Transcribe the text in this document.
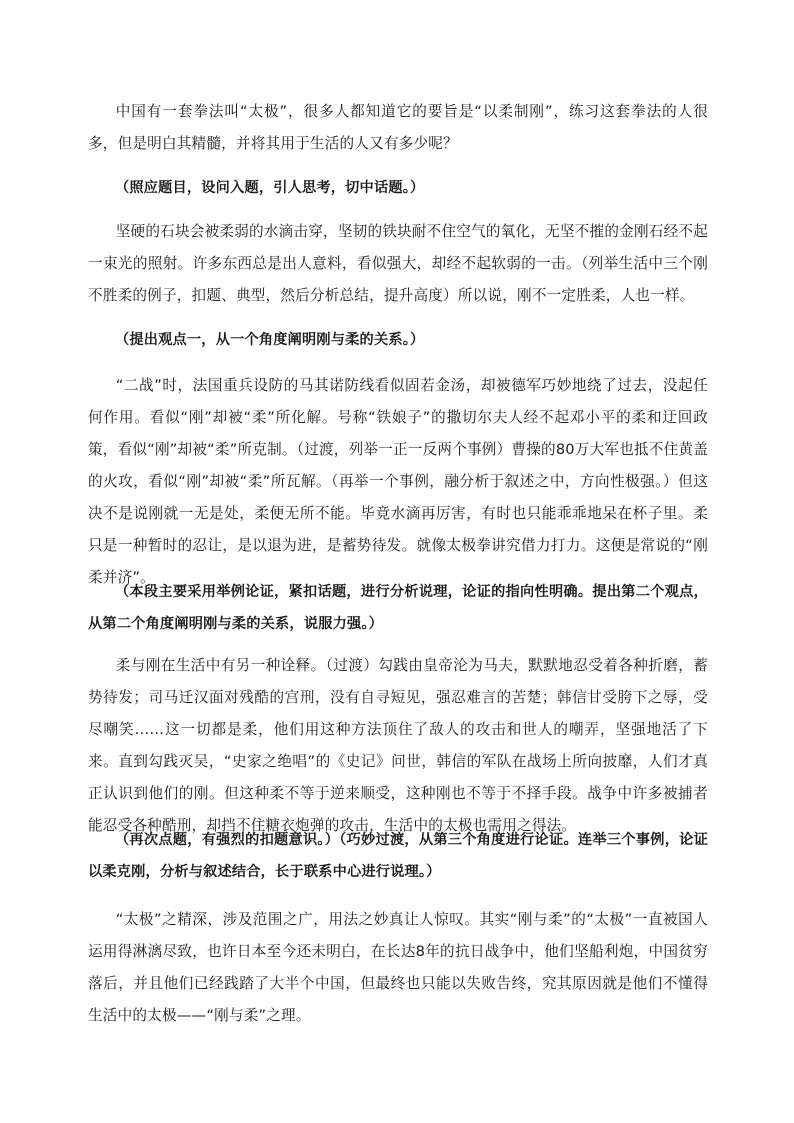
中国有一套拳法叫“太极”，很多人都知道它的要旨是“以柔制刚”，练习这套拳法的人很多，但是明白其精髓，并将其用于生活的人又有多少呢？

（照应题目，设问入题，引人思考，切中话题。）

坚硬的石块会被柔弱的水滴击穿，坚韧的铁块耐不住空气的氧化，无坚不摧的金刚石经不起一束光的照射。许多东西总是出人意料，看似强大，却经不起软弱的一击。（列举生活中三个刚不胜柔的例子，扣题、典型，然后分析总结，提升高度）所以说，刚不一定胜柔，人也一样。

（提出观点一，从一个角度阐明刚与柔的关系。）

“二战”时，法国重兵设防的马其诺防线看似固若金汤，却被德军巧妙地绕了过去，没起任何作用。看似“刚”却被“柔”所化解。号称“铁娘子”的撒切尔夫人经不起邓小平的柔和迂回政策，看似“刚”却被“柔”所克制。（过渡，列举一正一反两个事例）曹操的80万大军也抵不住黄盖的火攻，看似“刚”却被“柔”所瓦解。（再举一个事例，融分析于叙述之中，方向性极强。）但这决不是说刚就一无是处，柔便无所不能。毕竟水滴再厉害，有时也只能乖乖地呆在杯子里。柔只是一种暂时的忍让，是以退为进，是蓄势待发。就像太极拳讲究借力打力。这便是常说的“刚柔并济”。

（本段主要采用举例论证，紧扣话题，进行分析说理，论证的指向性明确。提出第二个观点，从第二个角度阐明刚与柔的关系，说服力强。）

柔与刚在生活中有另一种诠释。（过渡）勾践由皇帝沦为马夫，默默地忍受着各种折磨，蓄势待发；司马迁汉面对残酷的宫刑，没有自寻短见，强忍难言的苦楚；韩信甘受胯下之辱，受尽嘲笑……这一切都是柔，他们用这种方法顶住了敌人的攻击和世人的嘲弄，坚强地活了下来。直到勾践灭吴，“史家之绝唱”的《史记》问世，韩信的军队在战场上所向披靡，人们才真正认识到他们的刚。但这种柔不等于逆来顺受，这种刚也不等于不择手段。战争中许多被捕者能忍受各种酷刑，却挡不住糖衣炮弹的攻击，生活中的太极也需用之得法。

（再次点题，有强烈的扣题意识。）（巧妙过渡，从第三个角度进行论证。连举三个事例，论证以柔克刚，分析与叙述结合，长于联系中心进行说理。）

“太极”之精深，涉及范围之广，用法之妙真让人惊叹。其实“刚与柔”的“太极”一直被国人运用得淋漓尽致，也许日本至今还未明白，在长达8年的抗日战争中，他们坚船利炮，中国贫穷落后，并且他们已经践踏了大半个中国，但最终也只能以失败告终，究其原因就是他们不懂得生活中的太极——“刚与柔”之理。
